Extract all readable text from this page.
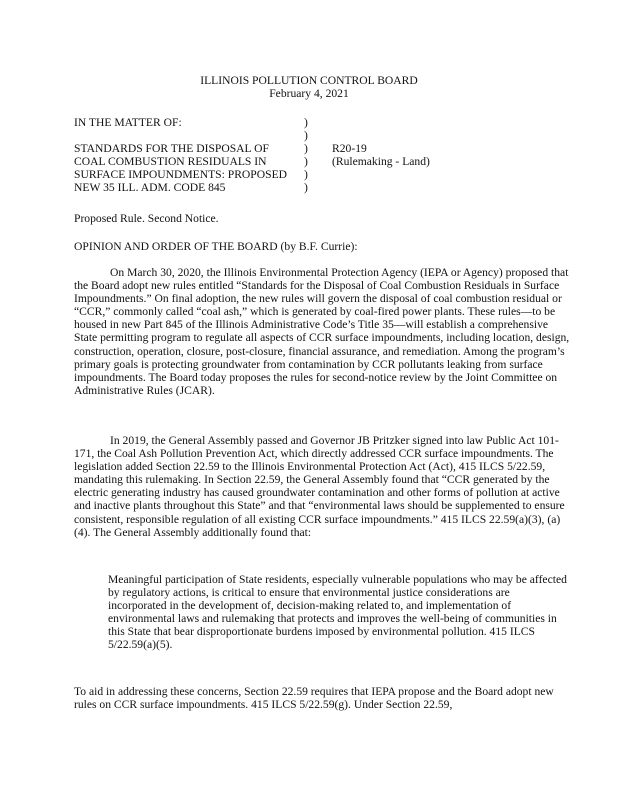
ILLINOIS POLLUTION CONTROL BOARD
February 4, 2021
IN THE MATTER OF:
STANDARDS FOR THE DISPOSAL OF
COAL COMBUSTION RESIDUALS IN
SURFACE IMPOUNDMENTS: PROPOSED
NEW 35 ILL. ADM. CODE 845
)
)
)
)
)
)
R20-19
(Rulemaking - Land)
Proposed Rule. Second Notice.
OPINION AND ORDER OF THE BOARD (by B.F. Currie):

On March 30, 2020, the Illinois Environmental Protection Agency (IEPA or Agency) proposed that the Board adopt new rules entitled “Standards for the Disposal of Coal Combustion Residuals in Surface Impoundments.” On final adoption, the new rules will govern the disposal of coal combustion residual or “CCR,” commonly called “coal ash,” which is generated by coal-fired power plants. These rules—to be housed in new Part 845 of the Illinois Administrative Code’s Title 35—will establish a comprehensive State permitting program to regulate all aspects of CCR surface impoundments, including location, design, construction, operation, closure, post-closure, financial assurance, and remediation. Among the program’s primary goals is protecting groundwater from contamination by CCR pollutants leaking from surface impoundments. The Board today proposes the rules for second-notice review by the Joint Committee on Administrative Rules (JCAR).

In 2019, the General Assembly passed and Governor JB Pritzker signed into law Public Act 101-171, the Coal Ash Pollution Prevention Act, which directly addressed CCR surface impoundments. The legislation added Section 22.59 to the Illinois Environmental Protection Act (Act), 415 ILCS 5/22.59, mandating this rulemaking. In Section 22.59, the General Assembly found that “CCR generated by the electric generating industry has caused groundwater contamination and other forms of pollution at active and inactive plants throughout this State” and that “environmental laws should be supplemented to ensure consistent, responsible regulation of all existing CCR surface impoundments.” 415 ILCS 22.59(a)(3), (a)(4). The General Assembly additionally found that:

Meaningful participation of State residents, especially vulnerable populations who may be affected by regulatory actions, is critical to ensure that environmental justice considerations are incorporated in the development of, decision-making related to, and implementation of environmental laws and rulemaking that protects and improves the well-being of communities in this State that bear disproportionate burdens imposed by environmental pollution. 415 ILCS 5/22.59(a)(5).

To aid in addressing these concerns, Section 22.59 requires that IEPA propose and the Board adopt new rules on CCR surface impoundments. 415 ILCS 5/22.59(g). Under Section 22.59,
